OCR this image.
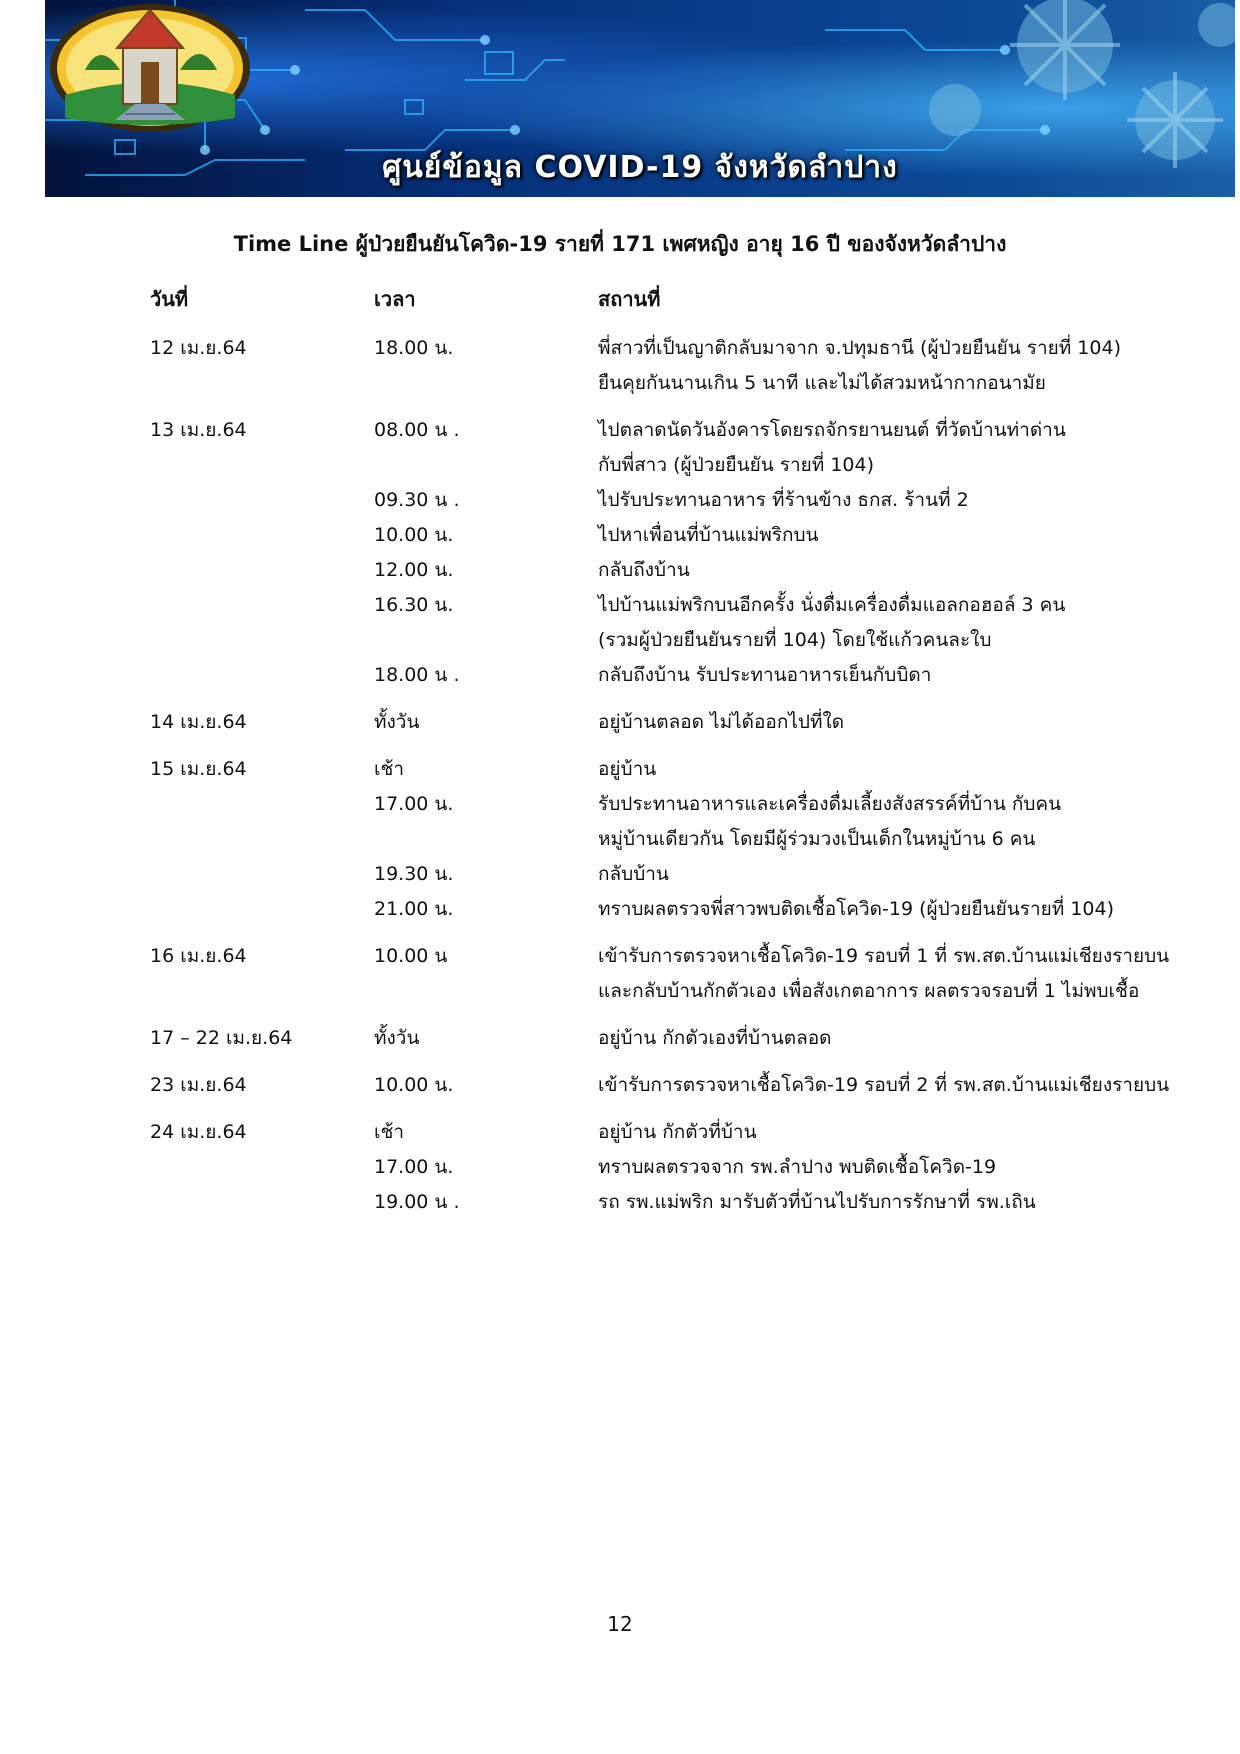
ศูนย์ข้อมูล COVID-19 จังหวัดลำปาง
Time Line ผู้ป่วยยืนยันโควิด-19 รายที่ 171 เพศหญิง อายุ 16 ปี ของจังหวัดลำปาง
วันที่	เวลา	สถานที่
12 เม.ย.64	18.00 น.	พี่สาวที่เป็นญาติกลับมาจาก จ.ปทุมธานี (ผู้ป่วยยืนยัน รายที่ 104)
ยืนคุยกันนานเกิน 5 นาที และไม่ได้สวมหน้ากากอนามัย
13 เม.ย.64	08.00 น .	ไปตลาดนัดวันอังคารโดยรถจักรยานยนต์ ที่วัดบ้านท่าด่าน
กับพี่สาว (ผู้ป่วยยืนยัน รายที่ 104)
09.30 น .	ไปรับประทานอาหาร ที่ร้านข้าง ธกส. ร้านที่ 2
10.00 น.	ไปหาเพื่อนที่บ้านแม่พริกบน
12.00 น.	กลับถึงบ้าน
16.30 น.	ไปบ้านแม่พริกบนอีกครั้ง นั่งดื่มเครื่องดื่มแอลกอฮอล์ 3 คน
(รวมผู้ป่วยยืนยันรายที่ 104) โดยใช้แก้วคนละใบ
18.00 น .	กลับถึงบ้าน รับประทานอาหารเย็นกับบิดา
14 เม.ย.64	ทั้งวัน	อยู่บ้านตลอด ไม่ได้ออกไปที่ใด
15 เม.ย.64	เช้า	อยู่บ้าน
17.00 น.	รับประทานอาหารและเครื่องดื่มเลี้ยงสังสรรค์ที่บ้าน กับคน
หมู่บ้านเดียวกัน โดยมีผู้ร่วมวงเป็นเด็กในหมู่บ้าน 6 คน
19.30 น.	กลับบ้าน
21.00 น.	ทราบผลตรวจพี่สาวพบติดเชื้อโควิด-19 (ผู้ป่วยยืนยันรายที่ 104)
16 เม.ย.64	10.00 น	เข้ารับการตรวจหาเชื้อโควิด-19 รอบที่ 1 ที่ รพ.สต.บ้านแม่เชียงรายบน
และกลับบ้านกักตัวเอง เพื่อสังเกตอาการ ผลตรวจรอบที่ 1 ไม่พบเชื้อ
17 – 22 เม.ย.64	ทั้งวัน	อยู่บ้าน กักตัวเองที่บ้านตลอด
23 เม.ย.64	10.00 น.	เข้ารับการตรวจหาเชื้อโควิด-19 รอบที่ 2 ที่ รพ.สต.บ้านแม่เชียงรายบน
24 เม.ย.64	เช้า	อยู่บ้าน กักตัวที่บ้าน
17.00 น.	ทราบผลตรวจจาก รพ.ลำปาง พบติดเชื้อโควิด-19
19.00 น .	รถ รพ.แม่พริก มารับตัวที่บ้านไปรับการรักษาที่ รพ.เถิน
12
